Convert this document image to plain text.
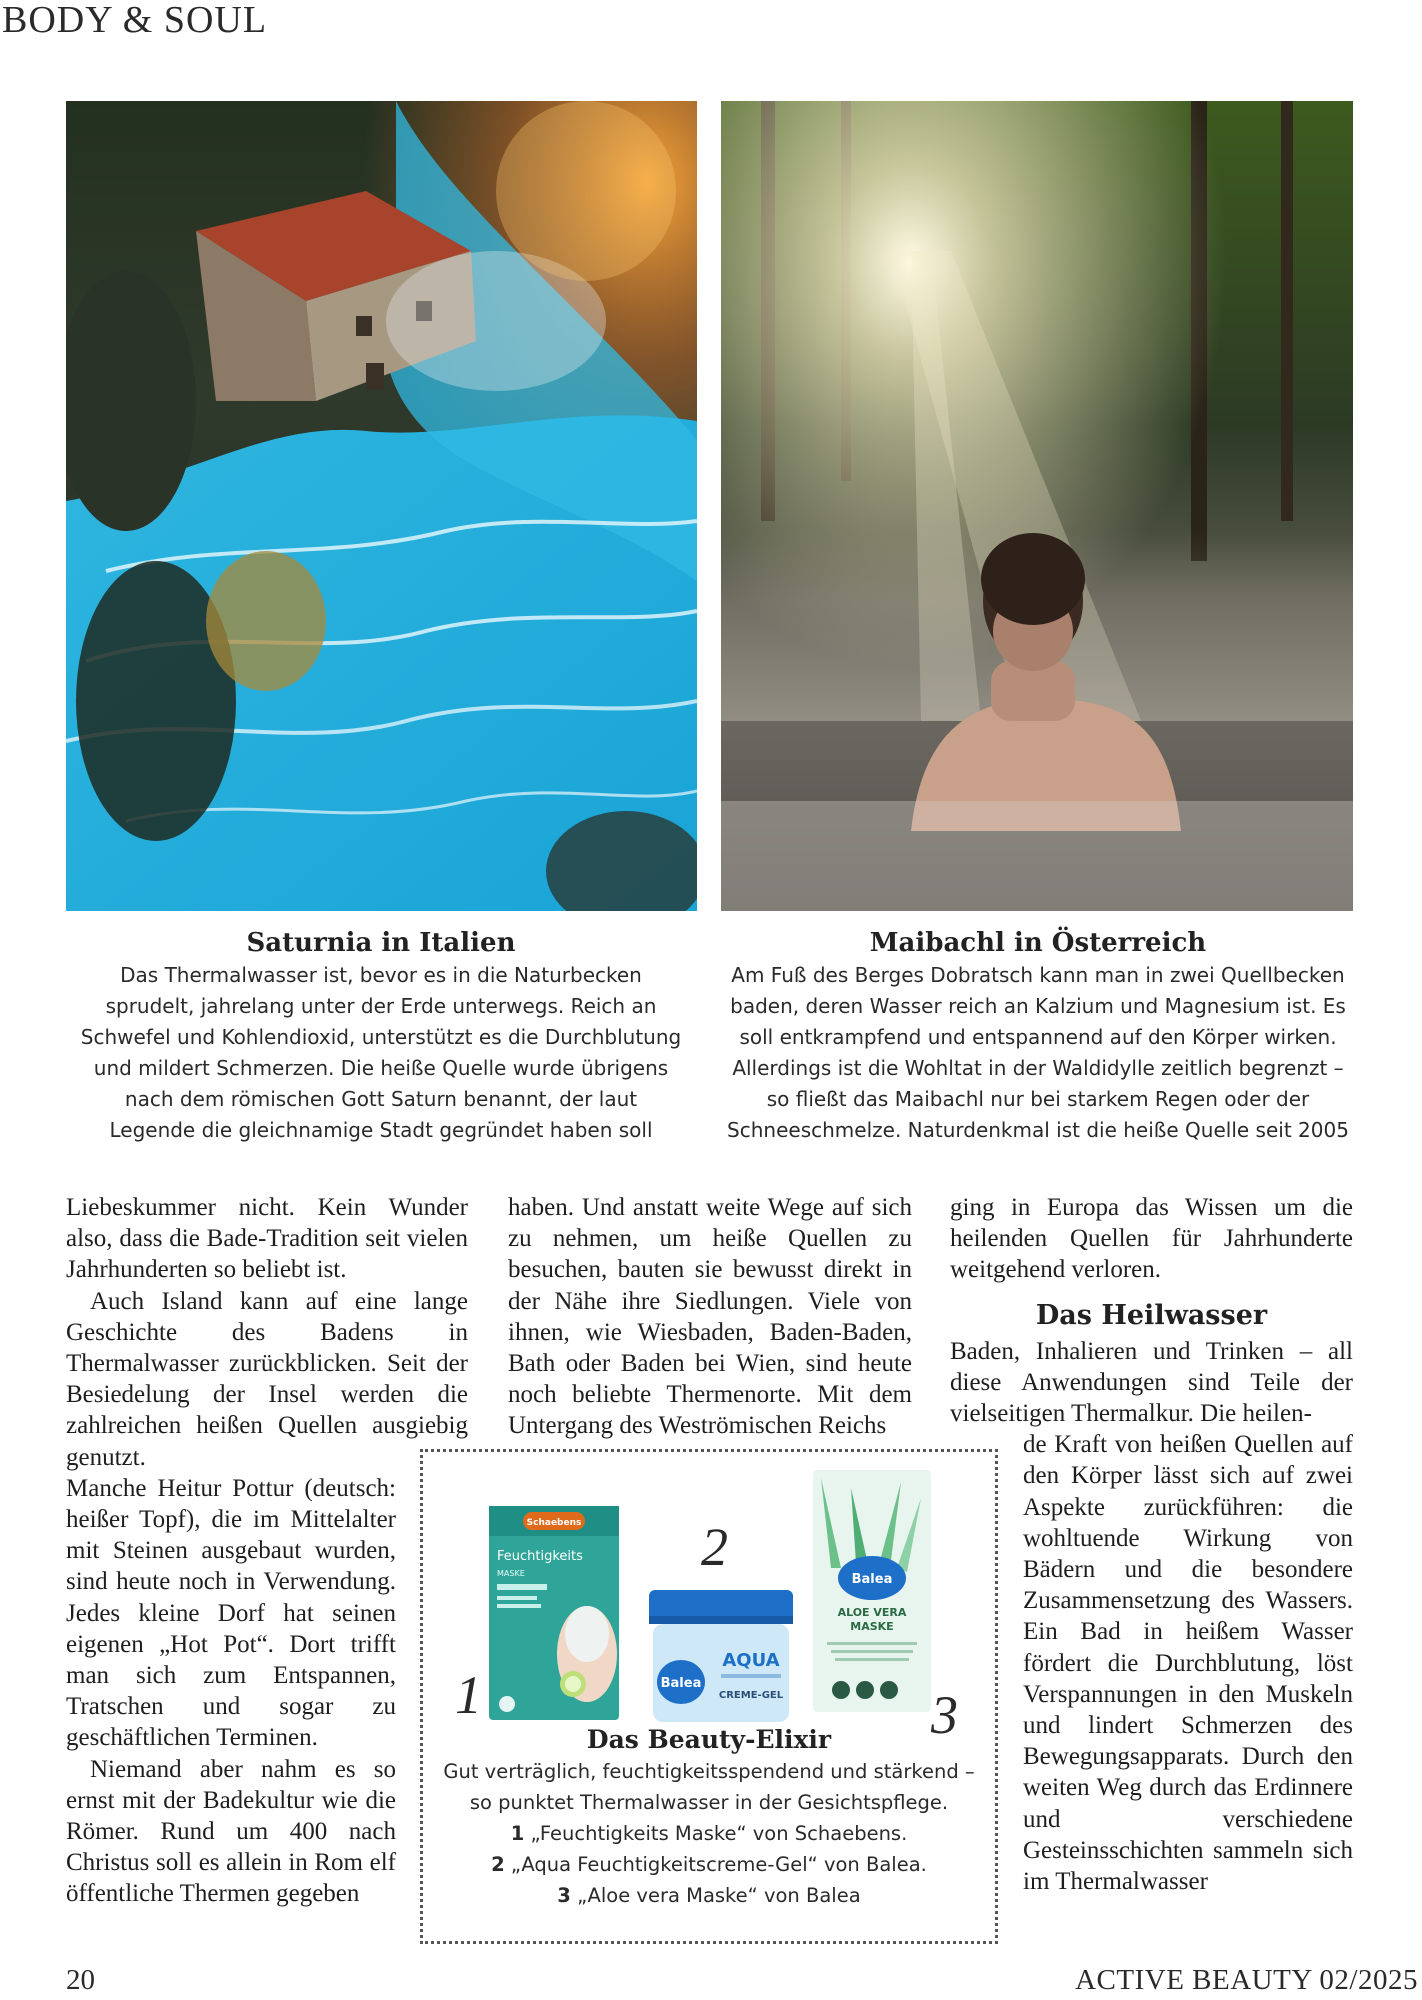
BODY & SOUL
Saturnia in Italien

Das Thermalwasser ist, bevor es in die Naturbecken

sprudelt, jahrelang unter der Erde unterwegs. Reich an

Schwefel und Kohlendioxid, unterstützt es die Durchblutung

und mildert Schmerzen. Die heiße Quelle wurde übrigens

nach dem römischen Gott Saturn benannt, der laut

Legende die gleichnamige Stadt gegründet haben soll

Maibachl in Österreich

Am Fuß des Berges Dobratsch kann man in zwei Quellbecken

baden, deren Wasser reich an Kalzium und Magnesium ist. Es

soll entkrampfend und entspannend auf den Körper wirken.

Allerdings ist die Wohltat in der Waldidylle zeitlich begrenzt –

so fließt das Maibachl nur bei starkem Regen oder der

Schneeschmelze. Naturdenkmal ist die heiße Quelle seit 2005

Liebeskummer nicht. Kein Wunder also, dass die Bade-Tradition seit vielen Jahrhunderten so beliebt ist.

Auch Island kann auf eine lange Geschichte des Badens in Thermalwasser zurückblicken. Seit der Besiedelung der Insel werden die zahlreichen heißen Quellen ausgiebig genutzt.

Manche Heitur Pottur (deutsch: heißer Topf), die im Mittelalter mit Steinen ausgebaut wurden, sind heute noch in Verwendung. Jedes kleine Dorf hat seinen eigenen „Hot Pot“. Dort trifft man sich zum Entspannen, Tratschen und sogar zu geschäftlichen Terminen.

Niemand aber nahm es so ernst mit der Badekultur wie die Römer. Rund um 400 nach Christus soll es allein in Rom elf öffentliche Thermen gegeben

haben. Und anstatt weite Wege auf sich zu nehmen, um heiße Quellen zu besuchen, bauten sie bewusst direkt in der Nähe ihre Siedlungen. Viele von ihnen, wie Wiesbaden, Baden-Baden, Bath oder Baden bei Wien, sind heute noch beliebte Thermenorte. Mit dem Untergang des Weströmischen Reichs

ging in Europa das Wissen um die heilenden Quellen für Jahrhunderte weitgehend verloren.

Das Heilwasser

Baden, Inhalieren und Trinken – all diese Anwendungen sind Teile der vielseitigen Thermalkur. Die heilen-

de Kraft von heißen Quellen auf den Körper lässt sich auf zwei Aspekte zurückführen: die wohltuende Wirkung von Bädern und die besondere Zusammensetzung des Wassers. Ein Bad in heißem Wasser fördert die Durchblutung, löst Verspannungen in den Muskeln und lindert Schmerzen des Bewegungsapparats. Durch den weiten Weg durch das Erdinnere und verschiedene Gesteinsschichten sammeln sich im Thermalwasser

1
2
3
Schaebens
Feuchtigkeits
MASKE
Balea
AQUA
CREME-GEL
Balea
ALOE VERA
MASKE
Das Beauty-Elixir

Gut verträglich, feuchtigkeitsspendend und stärkend –

so punktet Thermalwasser in der Gesichtspflege.

1 „Feuchtigkeits Maske“ von Schaebens.

2 „Aqua Feuchtigkeitscreme-Gel“ von Balea.

3 „Aloe vera Maske“ von Balea

20	ACTIVE BEAUTY 02/2025
